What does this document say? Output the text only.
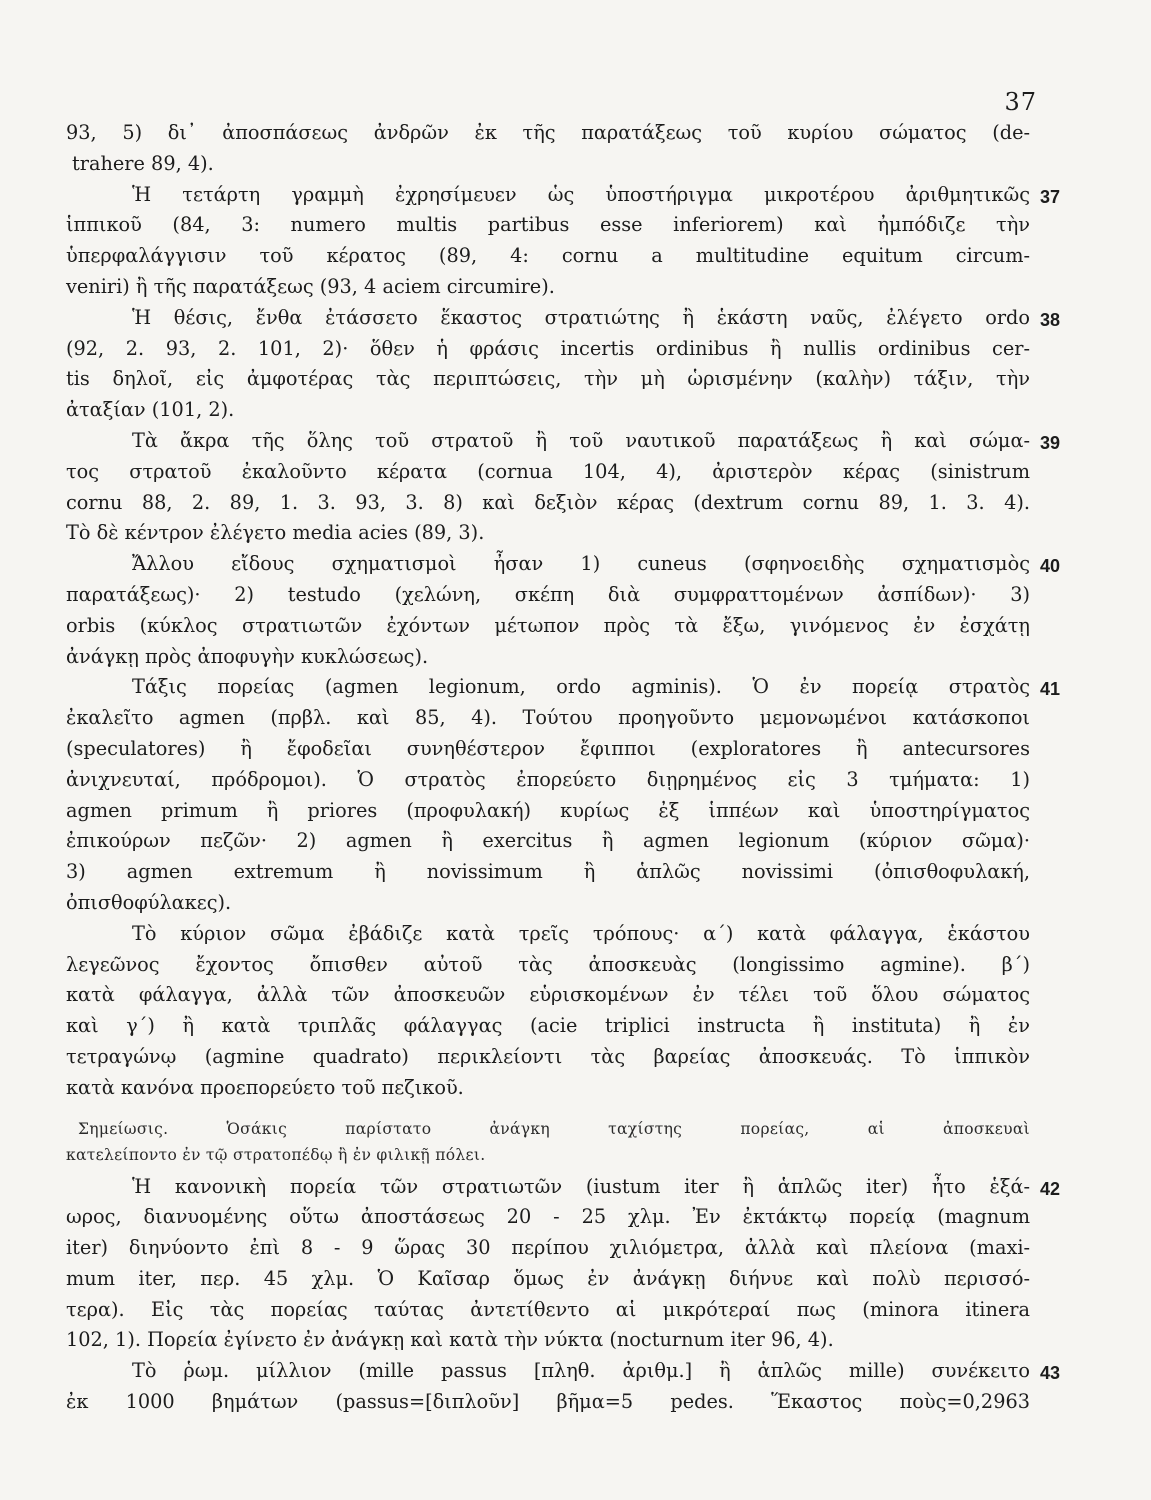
37
93, 5) δι᾽ ἀποσπάσεως ἀνδρῶν ἐκ τῆς παρατάξεως τοῦ κυρίου σώματος (de-
trahere 89, 4).
37
Ἡ τετάρτη γραμμὴ ἐχρησίμευεν ὡς ὑποστήριγμα μικροτέρου ἀριθμητικῶς
ἱππικοῦ (84, 3: numero multis partibus esse inferiorem) καὶ ἠμπόδιζε τὴν
ὑπερφαλάγγισιν τοῦ κέρατος (89, 4: cornu a multitudine equitum circum-
veniri) ἢ τῆς παρατάξεως (93, 4 aciem circumire).
38
Ἡ θέσις, ἔνθα ἐτάσσετο ἕκαστος στρατιώτης ἢ ἑκάστη ναῦς, ἐλέγετο ordo
(92, 2. 93, 2. 101, 2)· ὅθεν ἡ φράσις incertis ordinibus ἢ nullis ordinibus cer-
tis δηλοῖ, εἰς ἀμφοτέρας τὰς περιπτώσεις, τὴν μὴ ὡρισμένην (καλὴν) τάξιν, τὴν
ἀταξίαν (101, 2).
39
Τὰ ἄκρα τῆς ὅλης τοῦ στρατοῦ ἢ τοῦ ναυτικοῦ παρατάξεως ἢ καὶ σώμα-
τος στρατοῦ ἐκαλοῦντο κέρατα (cornua 104, 4), ἀριστερὸν κέρας (sinistrum
cornu 88, 2. 89, 1. 3. 93, 3. 8) καὶ δεξιὸν κέρας (dextrum cornu 89, 1. 3. 4).
Τὸ δὲ κέντρον ἐλέγετο media acies (89, 3).
40
Ἄλλου εἴδους σχηματισμοὶ ἦσαν 1) cuneus (σφηνοειδὴς σχηματισμὸς
παρατάξεως)· 2) testudo (χελώνη, σκέπη διὰ συμφραττομένων ἀσπίδων)· 3)
orbis (κύκλος στρατιωτῶν ἐχόντων μέτωπον πρὸς τὰ ἔξω, γινόμενος ἐν ἐσχάτῃ
ἀνάγκῃ πρὸς ἀποφυγὴν κυκλώσεως).
41
Τάξις πορείας (agmen legionum, ordo agminis). Ὁ ἐν πορείᾳ στρατὸς
ἐκαλεῖτο agmen (πρβλ. καὶ 85, 4). Τούτου προηγοῦντο μεμονωμένοι κατάσκοποι
(speculatores) ἢ ἔφοδεῖαι συνηθέστερον ἔφιπποι (exploratores ἢ antecursores
ἀνιχνευταί, πρόδρομοι). Ὁ στρατὸς ἐπορεύετο διῃρημένος εἰς 3 τμήματα: 1)
agmen primum ἢ priores (προφυλακή) κυρίως ἐξ ἱππέων καὶ ὑποστηρίγματος
ἐπικούρων πεζῶν· 2) agmen ἢ exercitus ἢ agmen legionum (κύριον σῶμα)·
3) agmen extremum ἢ novissimum ἢ ἁπλῶς novissimi (ὀπισθοφυλακή,
ὀπισθοφύλακες).
Τὸ κύριον σῶμα ἐβάδιζε κατὰ τρεῖς τρόπους· α´) κατὰ φάλαγγα, ἑκάστου
λεγεῶνος ἔχοντος ὄπισθεν αὐτοῦ τὰς ἀποσκευὰς (longissimo agmine). β´)
κατὰ φάλαγγα, ἀλλὰ τῶν ἀποσκευῶν εὑρισκομένων ἐν τέλει τοῦ ὅλου σώματος
καὶ γ´) ἢ κατὰ τριπλᾶς φάλαγγας (acie triplici instructa ἢ instituta) ἢ ἐν
τετραγώνῳ (agmine quadrato) περικλείοντι τὰς βαρείας ἀποσκευάς. Τὸ ἱππικὸν
κατὰ κανόνα προεπορεύετο τοῦ πεζικοῦ.
Σημείωσις. Ὁσάκις παρίστατο ἀνάγκη ταχίστης πορείας, αἱ ἀποσκευαὶ
κατελείποντο ἐν τῷ στρατοπέδῳ ἢ ἐν φιλικῇ πόλει.
42
Ἡ κανονικὴ πορεία τῶν στρατιωτῶν (iustum iter ἢ ἁπλῶς iter) ἦτο ἑξά-
ωρος, διανυομένης οὕτω ἀποστάσεως 20 - 25 χλμ. Ἐν ἐκτάκτῳ πορείᾳ (magnum
iter) διηνύοντο ἐπὶ 8 - 9 ὥρας 30 περίπου χιλιόμετρα, ἀλλὰ καὶ πλείονα (maxi-
mum iter, περ. 45 χλμ. Ὁ Καῖσαρ ὅμως ἐν ἀνάγκῃ διήνυε καὶ πολὺ περισσό-
τερα). Εἰς τὰς πορείας ταύτας ἀντετίθεντο αἱ μικρότεραί πως (minora itinera
102, 1). Πορεία ἐγίνετο ἐν ἀνάγκῃ καὶ κατὰ τὴν νύκτα (nocturnum iter 96, 4).
43
Τὸ ῥωμ. μίλλιον (mille passus [πληθ. ἀριθμ.] ἢ ἁπλῶς mille) συνέκειτο
ἐκ 1000 βημάτων (passus=[διπλοῦν] βῆμα=5 pedes. Ἕκαστος ποὺς=0,2963
